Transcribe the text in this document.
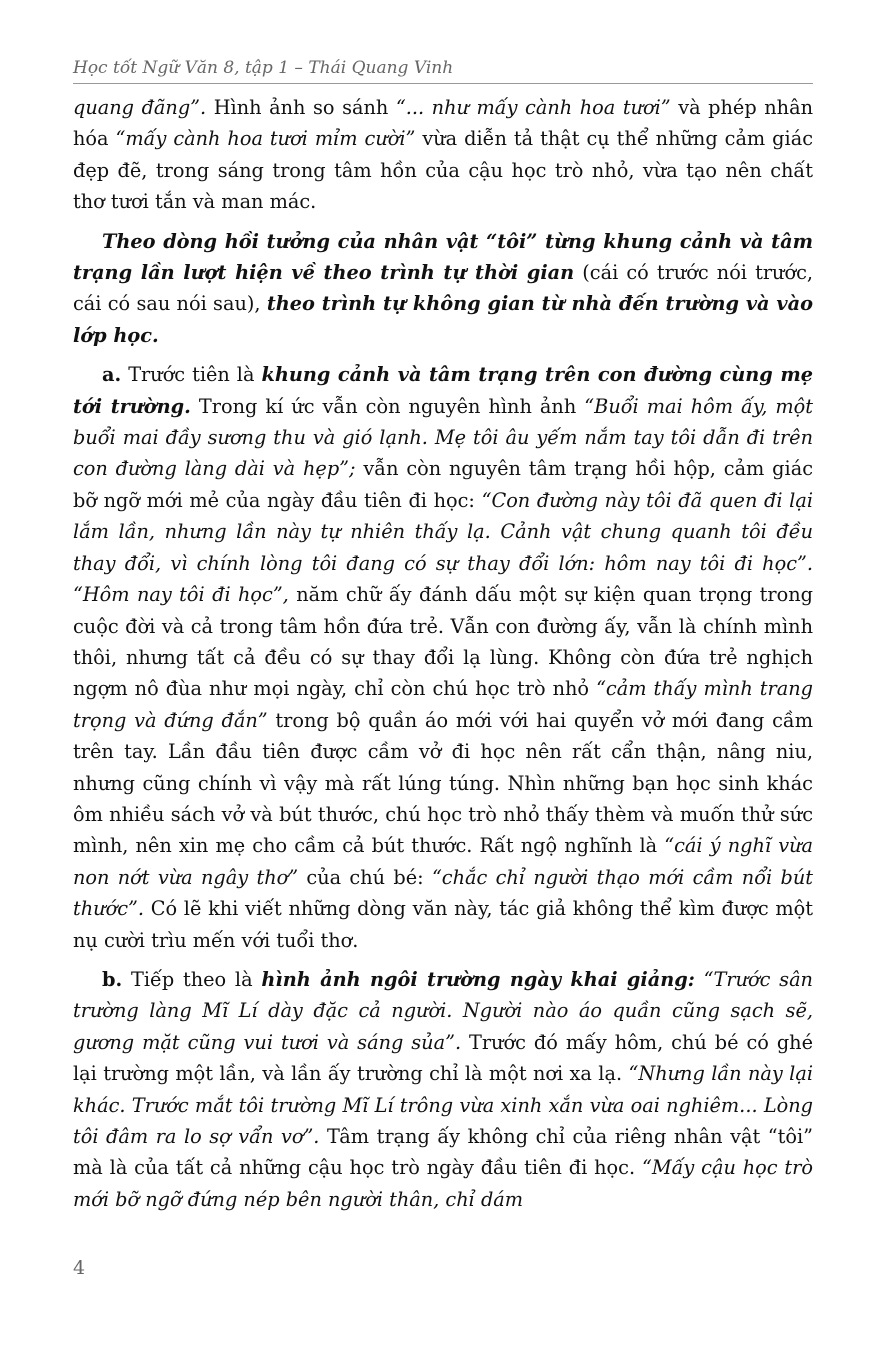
Học tốt Ngữ Văn 8, tập 1 – Thái Quang Vinh

quang đãng”. Hình ảnh so sánh “... như mấy cành hoa tươi” và phép nhân hóa “mấy cành hoa tươi mỉm cười” vừa diễn tả thật cụ thể những cảm giác đẹp đẽ, trong sáng trong tâm hồn của cậu học trò nhỏ, vừa tạo nên chất thơ tươi tắn và man mác.

Theo dòng hồi tưởng của nhân vật “tôi” từng khung cảnh và tâm trạng lần lượt hiện về theo trình tự thời gian (cái có trước nói trước, cái có sau nói sau), theo trình tự không gian từ nhà đến trường và vào lớp học.

a. Trước tiên là khung cảnh và tâm trạng trên con đường cùng mẹ tới trường. Trong kí ức vẫn còn nguyên hình ảnh “Buổi mai hôm ấy, một buổi mai đầy sương thu và gió lạnh. Mẹ tôi âu yếm nắm tay tôi dẫn đi trên con đường làng dài và hẹp”; vẫn còn nguyên tâm trạng hồi hộp, cảm giác bỡ ngỡ mới mẻ của ngày đầu tiên đi học: “Con đường này tôi đã quen đi lại lắm lần, nhưng lần này tự nhiên thấy lạ. Cảnh vật chung quanh tôi đều thay đổi, vì chính lòng tôi đang có sự thay đổi lớn: hôm nay tôi đi học”. “Hôm nay tôi đi học”, năm chữ ấy đánh dấu một sự kiện quan trọng trong cuộc đời và cả trong tâm hồn đứa trẻ. Vẫn con đường ấy, vẫn là chính mình thôi, nhưng tất cả đều có sự thay đổi lạ lùng. Không còn đứa trẻ nghịch ngợm nô đùa như mọi ngày, chỉ còn chú học trò nhỏ “cảm thấy mình trang trọng và đứng đắn” trong bộ quần áo mới với hai quyển vở mới đang cầm trên tay. Lần đầu tiên được cầm vở đi học nên rất cẩn thận, nâng niu, nhưng cũng chính vì vậy mà rất lúng túng. Nhìn những bạn học sinh khác ôm nhiều sách vở và bút thước, chú học trò nhỏ thấy thèm và muốn thử sức mình, nên xin mẹ cho cầm cả bút thước. Rất ngộ nghĩnh là “cái ý nghĩ vừa non nớt vừa ngây thơ” của chú bé: “chắc chỉ người thạo mới cầm nổi bút thước”. Có lẽ khi viết những dòng văn này, tác giả không thể kìm được một nụ cười trìu mến với tuổi thơ.

b. Tiếp theo là hình ảnh ngôi trường ngày khai giảng: “Trước sân trường làng Mĩ Lí dày đặc cả người. Người nào áo quần cũng sạch sẽ, gương mặt cũng vui tươi và sáng sủa”. Trước đó mấy hôm, chú bé có ghé lại trường một lần, và lần ấy trường chỉ là một nơi xa lạ. “Nhưng lần này lại khác. Trước mắt tôi trường Mĩ Lí trông vừa xinh xắn vừa oai nghiêm... Lòng tôi đâm ra lo sợ vẩn vơ”. Tâm trạng ấy không chỉ của riêng nhân vật “tôi” mà là của tất cả những cậu học trò ngày đầu tiên đi học. “Mấy cậu học trò mới bỡ ngỡ đứng nép bên người thân, chỉ dám

4
